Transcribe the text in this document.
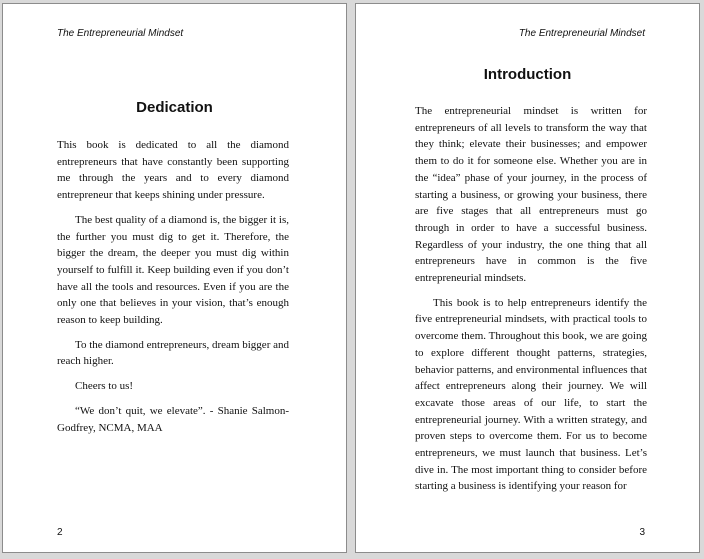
The Entrepreneurial Mindset
Dedication

This book is dedicated to all the diamond entrepreneurs that have constantly been supporting me through the years and to every diamond entrepreneur that keeps shining under pressure.

The best quality of a diamond is, the bigger it is, the further you must dig to get it. Therefore, the bigger the dream, the deeper you must dig within yourself to fulfill it. Keep building even if you don’t have all the tools and resources. Even if you are the only one that believes in your vision, that’s enough reason to keep building.

To the diamond entrepreneurs, dream bigger and reach higher.

Cheers to us!

“We don’t quit, we elevate”. - Shanie Salmon-Godfrey, NCMA, MAA

2
The Entrepreneurial Mindset
Introduction

The entrepreneurial mindset is written for entrepreneurs of all levels to transform the way that they think; elevate their businesses; and empower them to do it for someone else. Whether you are in the “idea” phase of your journey, in the process of starting a business, or growing your business, there are five stages that all entrepreneurs must go through in order to have a successful business. Regardless of your industry, the one thing that all entrepreneurs have in common is the five entrepreneurial mindsets.

This book is to help entrepreneurs identify the five entrepreneurial mindsets, with practical tools to overcome them. Throughout this book, we are going to explore different thought patterns, strategies, behavior patterns, and environmental influences that affect entrepreneurs along their journey. We will excavate those areas of our life, to start the entrepreneurial journey. With a written strategy, and proven steps to overcome them. For us to become entrepreneurs, we must launch that business. Let’s dive in. The most important thing to consider before starting a business is identifying your reason for

3
